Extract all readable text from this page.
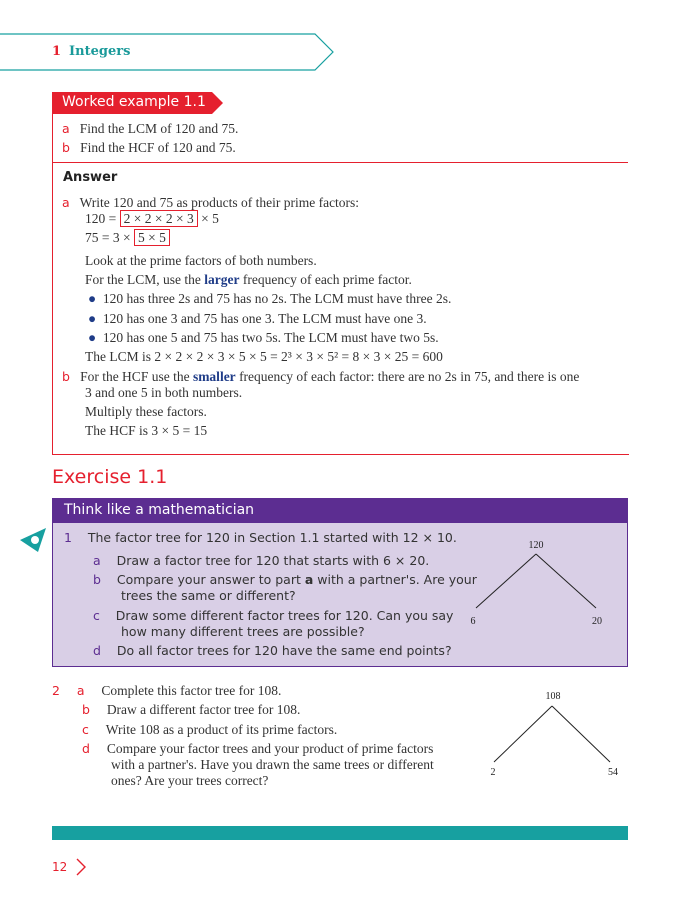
1 Integers
Worked example 1.1
a Find the LCM of 120 and 75.
b Find the HCF of 120 and 75.
Answer
a Write 120 and 75 as products of their prime factors:
120 = 2 × 2 × 2 × 3 × 5
75 = 3 × 5 × 5
Look at the prime factors of both numbers.
For the LCM, use the larger frequency of each prime factor.
● 120 has three 2s and 75 has no 2s. The LCM must have three 2s.
● 120 has one 3 and 75 has one 3. The LCM must have one 3.
● 120 has one 5 and 75 has two 5s. The LCM must have two 5s.
The LCM is 2 × 2 × 2 × 3 × 5 × 5 = 2³ × 3 × 5² = 8 × 3 × 25 = 600
b For the HCF use the smaller frequency of each factor: there are no 2s in 75, and there is one
3 and one 5 in both numbers.
Multiply these factors.
The HCF is 3 × 5 = 15
Exercise 1.1
Think like a mathematician
1 The factor tree for 120 in Section 1.1 started with 12 × 10.
a Draw a factor tree for 120 that starts with 6 × 20.
b Compare your answer to part a with a partner's. Are your
trees the same or different?
c Draw some different factor trees for 120. Can you say
how many different trees are possible?
d Do all factor trees for 120 have the same end points?
120
6	20
2 a Complete this factor tree for 108.
b Draw a different factor tree for 108.
c Write 108 as a product of its prime factors.
d Compare your factor trees and your product of prime factors
with a partner's. Have you drawn the same trees or different
ones? Are your trees correct?
108
2	54
12
